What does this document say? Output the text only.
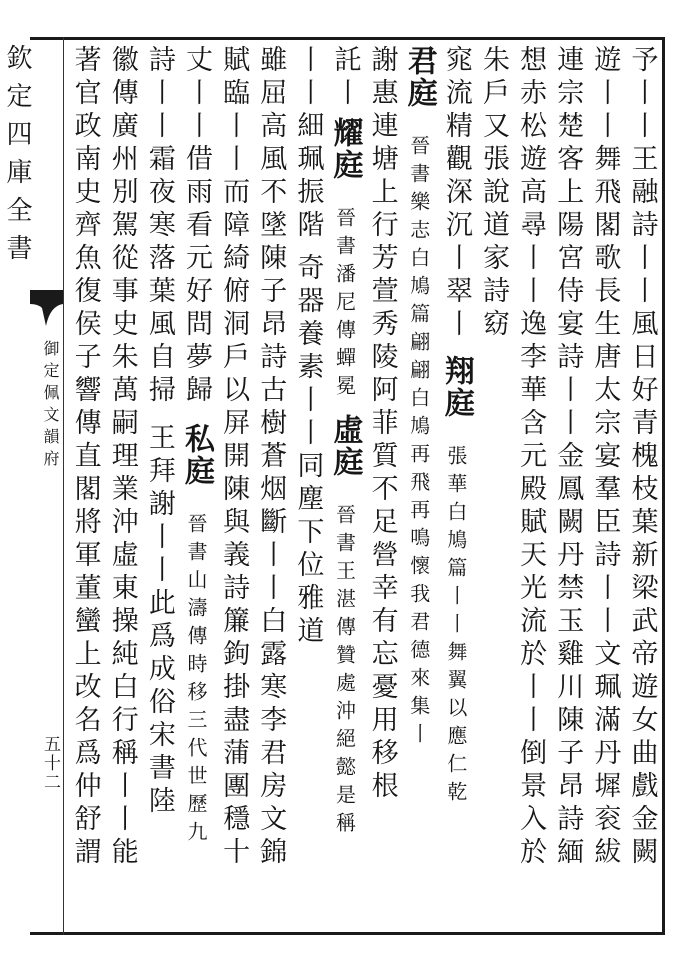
欽定四庫全書
御定佩文韻府
五十二	予丨丨王融詩丨丨風日好青槐枝葉新梁武帝遊女曲戲金闕
遊丨丨舞飛閣歌長生唐太宗宴羣臣詩丨丨文珮滿丹墀衮紱
連宗楚客上陽宮侍宴詩丨丨金鳳闕丹禁玉雞川陳子昂詩緬
想赤松遊高尋丨丨逸李華含元殿賦天光流於丨丨倒景入於
朱戶又張說道家詩窈
窕流精觀深沉丨翠丨
翔庭
張華白鳩篇丨丨舞翼以應仁乾
君庭
晉書樂志白鳩篇翩翩白鳩再飛再鳴懷我君德來集丨
謝惠連塘上行芳萱秀陵阿菲質不足營幸有忘憂用移根
託丨
耀庭
晉書潘尼傳蟬冕
虛庭
晉書王湛傳贊處沖絕懿是稱
丨丨細珮振階
奇器養素丨丨同塵下位雅道
雖屈高風不墜陳子昂詩古樹蒼烟斷丨丨白露寒李君房文錦
賦臨丨丨而障綺俯洞戶以屏開陳與義詩簾鉤掛盡蒲團穩十
丈丨丨借雨看元好問夢歸
私庭
晉書山濤傳時移三代世歷九
詩丨丨霜夜寒落葉風自掃
王拜謝丨丨此爲成俗宋書陸
徽傳廣州別駕從事史朱萬嗣理業沖虛東操純白行稱丨丨能
著官政南史齊魚復侯子響傳直閣將軍董蠻上改名爲仲舒謂
